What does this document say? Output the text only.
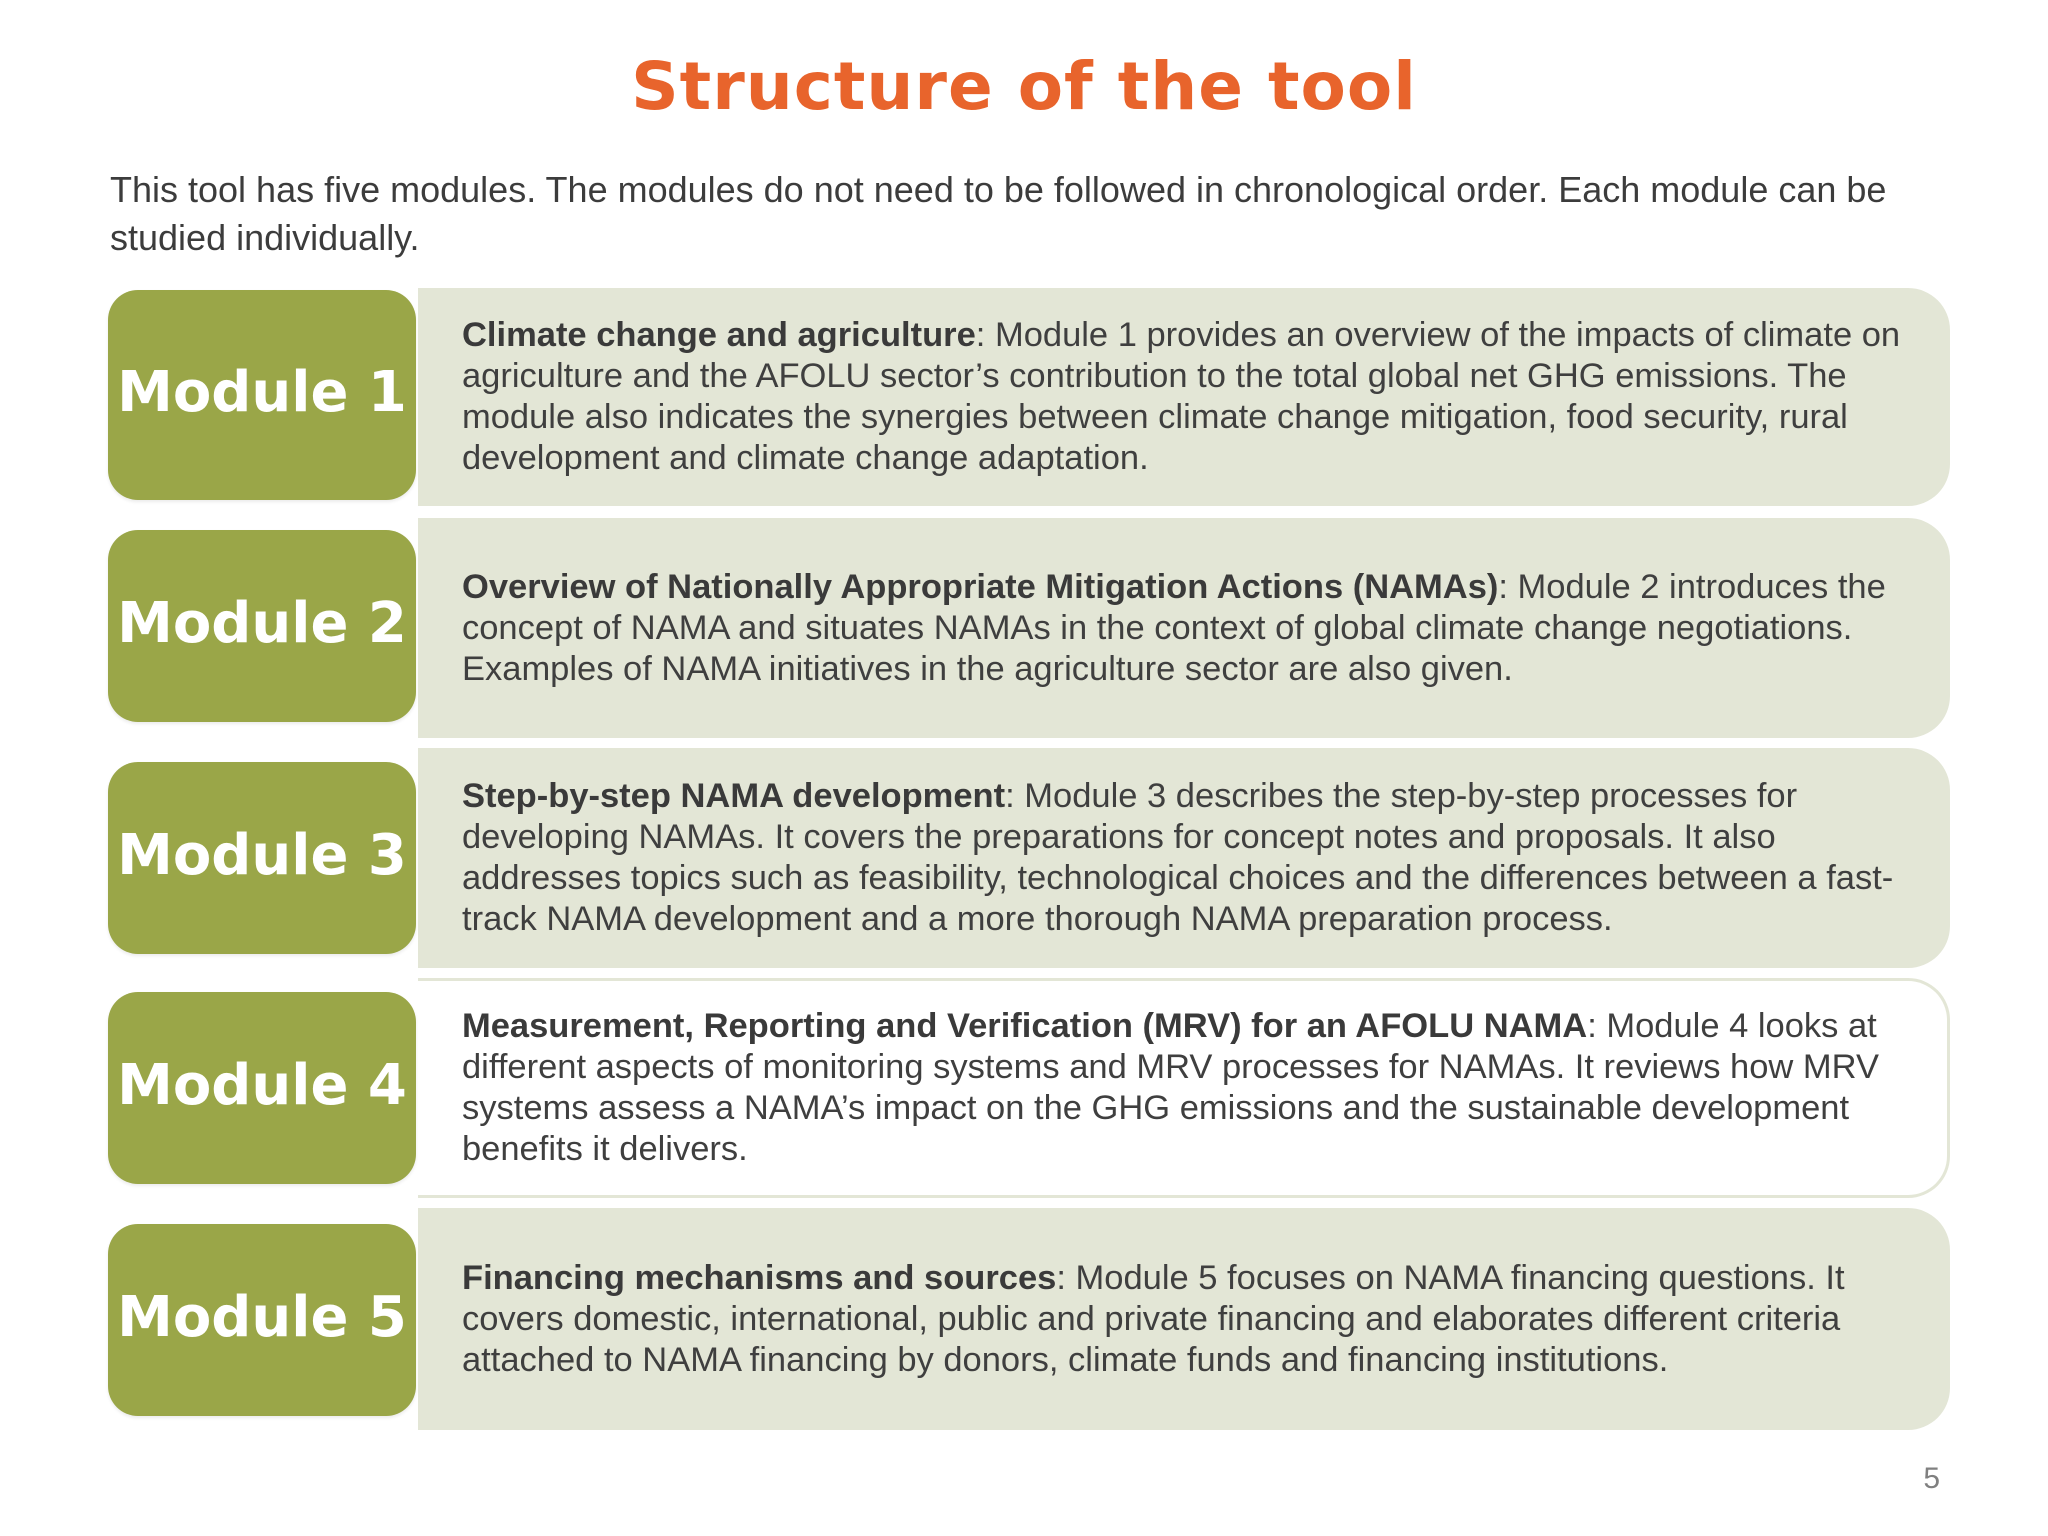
Structure of the tool
This tool has five modules. The modules do not need to be followed in chronological order. Each module can be studied individually.
Module 1
Climate change and agriculture: Module 1 provides an overview of the impacts of climate on agriculture and the AFOLU sector’s contribution to the total global net GHG emissions. The module also indicates the synergies between climate change mitigation, food security, rural development and climate change adaptation.
Module 2
Overview of Nationally Appropriate Mitigation Actions (NAMAs): Module 2 introduces the concept of NAMA and situates NAMAs in the context of global climate change negotiations. Examples of NAMA initiatives in the agriculture sector are also given.
Module 3
Step-by-step NAMA development: Module 3 describes the step-by-step processes for developing NAMAs. It covers the preparations for concept notes and proposals. It also addresses topics such as feasibility, technological choices and the differences between a fast-track NAMA development and a more thorough NAMA preparation process.
Module 4
Measurement, Reporting and Verification (MRV) for an AFOLU NAMA: Module 4 looks at different aspects of monitoring systems and MRV processes for NAMAs. It reviews how MRV systems assess a NAMA’s impact on the GHG emissions and the sustainable development benefits it delivers.
Module 5
Financing mechanisms and sources: Module 5 focuses on NAMA financing questions. It covers domestic, international, public and private financing and elaborates different criteria attached to NAMA financing by donors, climate funds and financing institutions.
5
